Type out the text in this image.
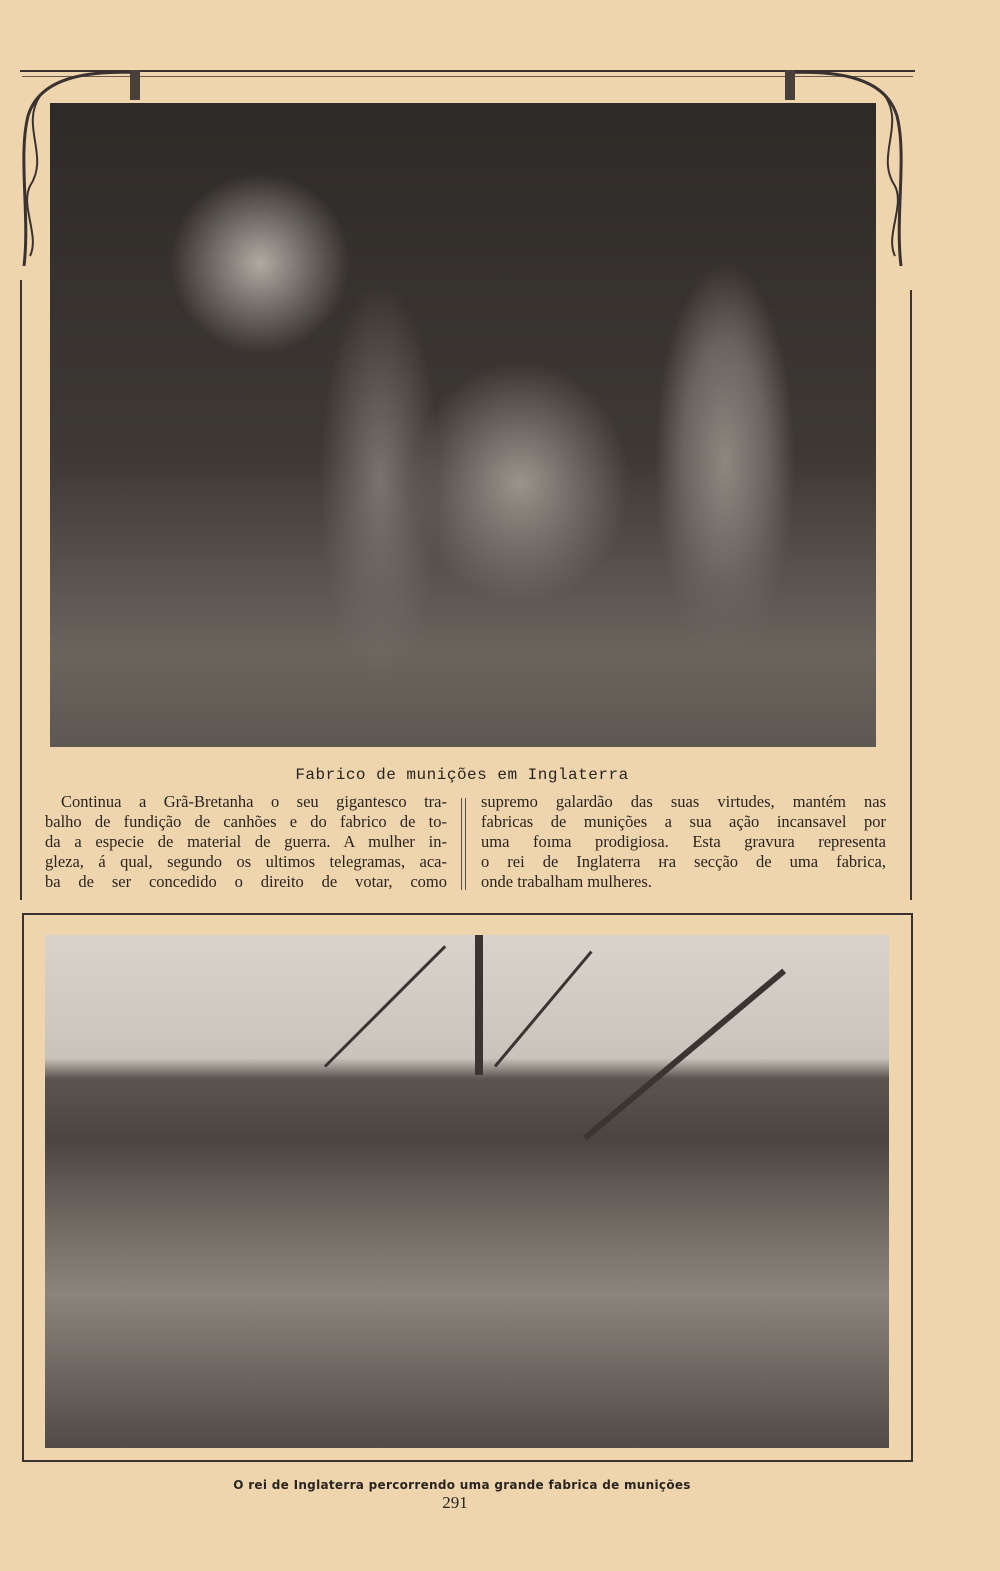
Fabrico de munições em Inglaterra
Continua a Grã-Bretanha o seu gigantesco tra-
balho de fundição de canhões e do fabrico de to-
da a especie de material de guerra. A mulher in-
gleza, á qual, segundo os ultimos telegramas, aca-
ba de ser concedido o direito de votar, como
supremo galardão das suas virtudes, mantém nas
fabricas de munições a sua ação incansavel por
uma foıma prodigiosa. Esta gravura representa
o rei de Inglaterra ҥa secção de uma fabrica,
onde trabalham mulheres.
O rei de Inglaterra percorrendo uma grande fabrica de munições
291
